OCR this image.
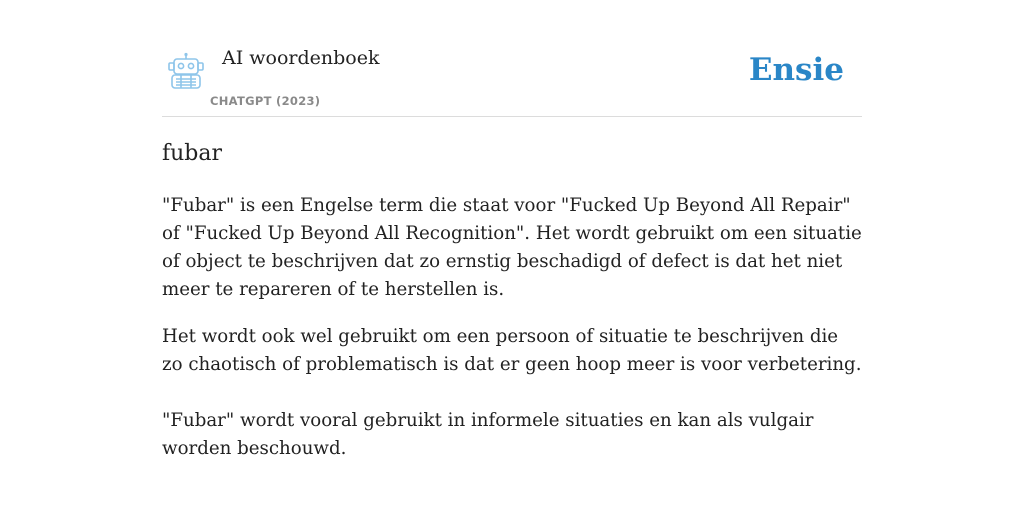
AI woordenboek
CHATGPT (2023)
Ensie
fubar

"Fubar" is een Engelse term die staat voor "Fucked Up Beyond All Repair" of "Fucked Up Beyond All Recognition". Het wordt gebruikt om een situatie of object te beschrijven dat zo ernstig beschadigd of defect is dat het niet meer te repareren of te herstellen is.

Het wordt ook wel gebruikt om een persoon of situatie te beschrijven die zo chaotisch of problematisch is dat er geen hoop meer is voor verbetering.

"Fubar" wordt vooral gebruikt in informele situaties en kan als vulgair worden beschouwd.
